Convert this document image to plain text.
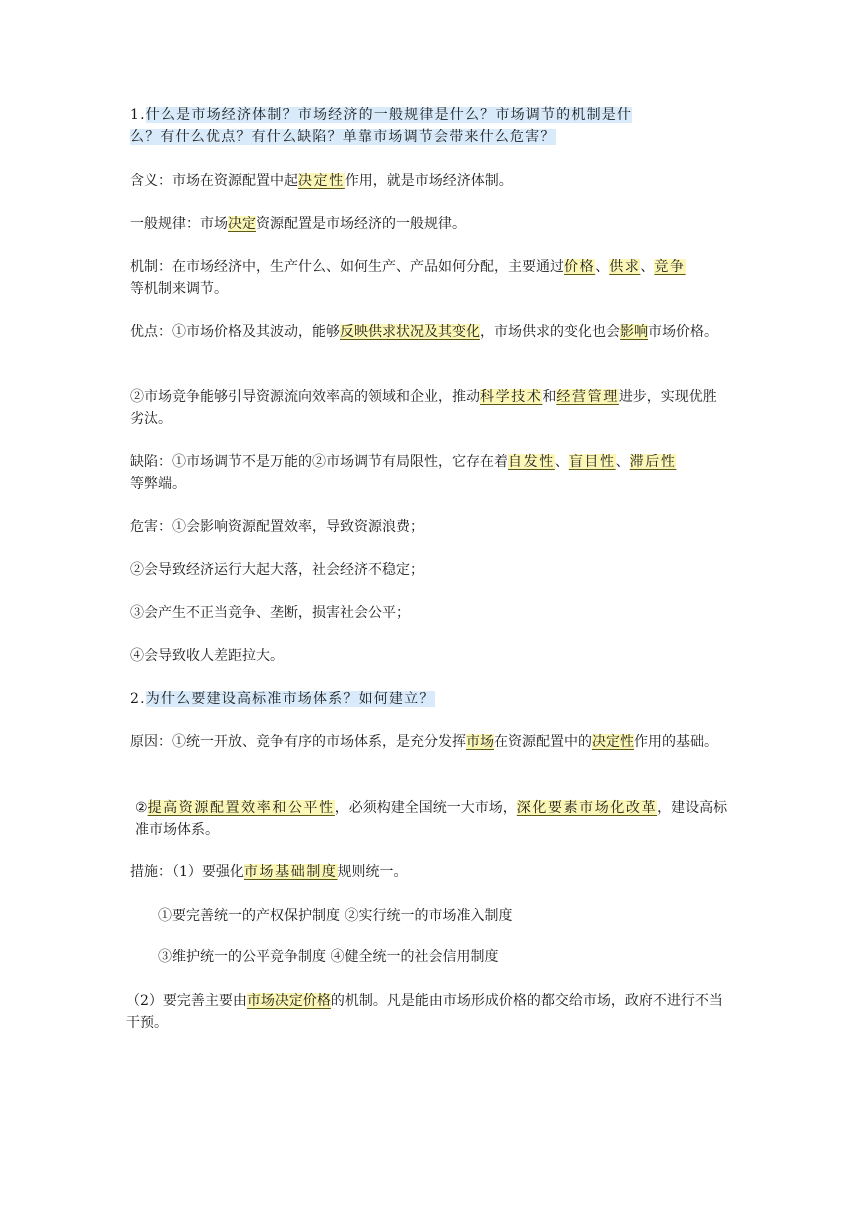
1.什么是市场经济体制？市场经济的一般规律是什么？市场调节的机制是什
么？有什么优点？有什么缺陷？单靠市场调节会带来什么危害？

含义：市场在资源配置中起决定性作用，就是市场经济体制。

一般规律：市场决定资源配置是市场经济的一般规律。

机制：在市场经济中，生产什么、如何生产、产品如何分配，主要通过价格、供求、竞争
等机制来调节。

优点：①市场价格及其波动，能够反映供求状况及其变化，市场供求的变化也会影响市场价格。

②市场竞争能够引导资源流向效率高的领域和企业，推动科学技术和经营管理进步，实现优胜劣汰。

缺陷：①市场调节不是万能的②市场调节有局限性，它存在着自发性、盲目性、滞后性
等弊端。

危害：①会影响资源配置效率，导致资源浪费；

②会导致经济运行大起大落，社会经济不稳定；

③会产生不正当竞争、垄断，损害社会公平；

④会导致收人差距拉大。

2.为什么要建设高标准市场体系？如何建立？

原因：①统一开放、竞争有序的市场体系，是充分发挥市场在资源配置中的决定性作用的基础。

②提高资源配置效率和公平性，必须构建全国统一大市场，深化要素市场化改革，建设高标准市场体系。

措施：（1）要强化市场基础制度规则统一。

①要完善统一的产权保护制度 ②实行统一的市场准入制度

③维护统一的公平竞争制度 ④健全统一的社会信用制度

（2）要完善主要由市场决定价格的机制。凡是能由市场形成价格的都交给市场，政府不进行不当干预。
